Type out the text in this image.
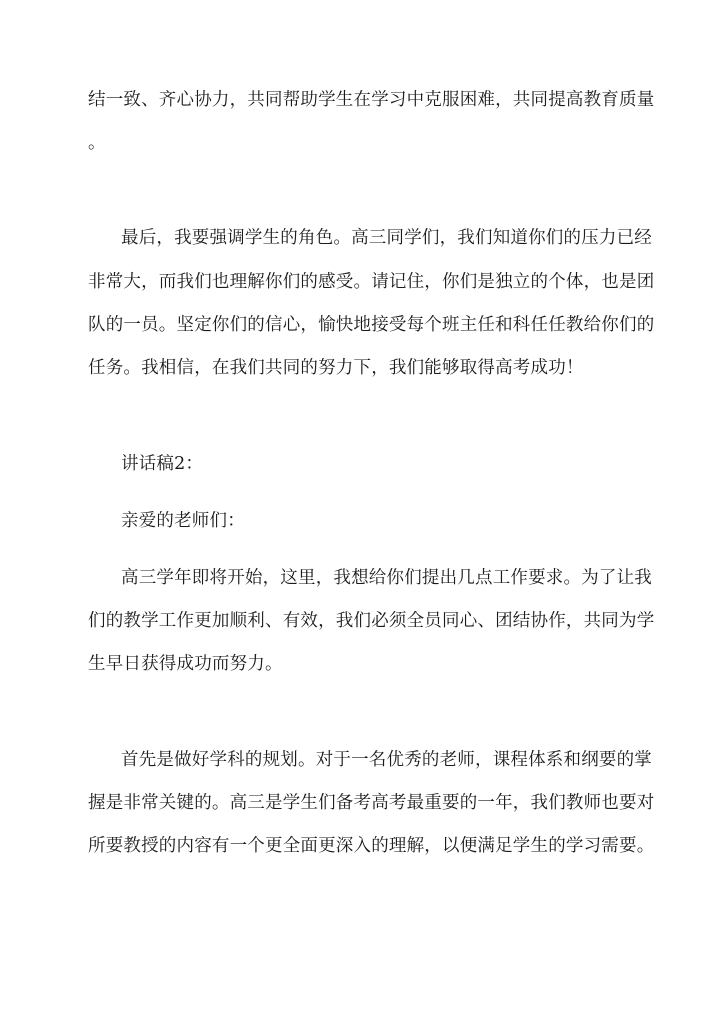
结一致、齐心协力，共同帮助学生在学习中克服困难，共同提高教育质量
。
最后，我要强调学生的角色。高三同学们，我们知道你们的压力已经
非常大，而我们也理解你们的感受。请记住，你们是独立的个体，也是团
队的一员。坚定你们的信心，愉快地接受每个班主任和科任任教给你们的
任务。我相信，在我们共同的努力下，我们能够取得高考成功！
讲话稿2：
亲爱的老师们：
高三学年即将开始，这里，我想给你们提出几点工作要求。为了让我
们的教学工作更加顺利、有效，我们必须全员同心、团结协作，共同为学
生早日获得成功而努力。
首先是做好学科的规划。对于一名优秀的老师，课程体系和纲要的掌
握是非常关键的。高三是学生们备考高考最重要的一年，我们教师也要对
所要教授的内容有一个更全面更深入的理解，以便满足学生的学习需要。
